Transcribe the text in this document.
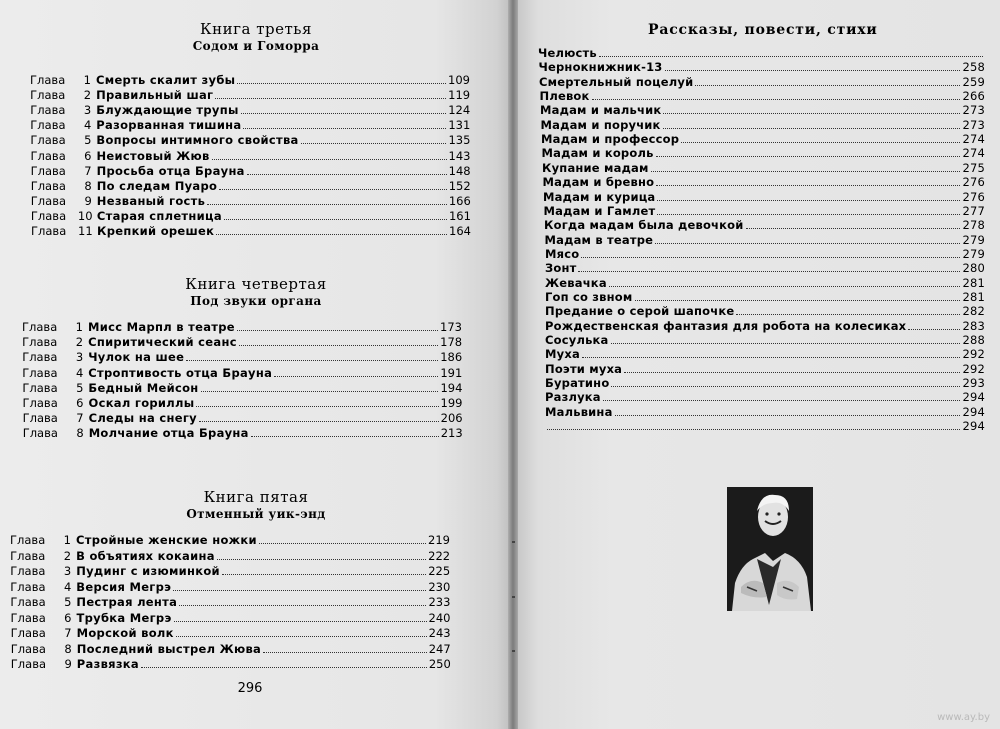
Книга третья
Содом и Гоморра
Глава	1 Смерть скалит зубы	109
Глава	2 Правильный шаг	119
Глава	3 Блуждающие трупы	124
Глава	4 Разорванная тишина	131
Глава	5 Вопросы интимного свойства	135
Глава	6 Неистовый Жюв	143
Глава	7 Просьба отца Брауна	148
Глава	8 По следам Пуаро	152
Глава	9 Незваный гость	166
Глава	10 Старая сплетница	161
Глава	11 Крепкий орешек	164
Книга четвертая
Под звуки органа
Глава	1 Мисс Марпл в театре	173
Глава	2 Спиритический сеанс	178
Глава	3 Чулок на шее	186
Глава	4 Строптивость отца Брауна	191
Глава	5 Бедный Мейсон	194
Глава	6 Оскал гориллы	199
Глава	7 Следы на снегу	206
Глава	8 Молчание отца Брауна	213
Книга пятая
Отменный уик-энд
Глава	1 Стройные женские ножки	219
Глава	2 В объятиях кокаина	222
Глава	3 Пудинг с изюминкой	225
Глава	4 Версия Мегрэ	230
Глава	5 Пестрая лента	233
Глава	6 Трубка Мегрэ	240
Глава	7 Морской волк	243
Глава	8 Последний выстрел Жюва	247
Глава	9 Развязка	250
296
Рассказы, повести, стихи
Челюсть
Чернокнижник-13	258
Смертельный поцелуй	259
Плевок	266
Мадам и мальчик	273
Мадам и поручик	273
Мадам и профессор	274
Мадам и король	274
Купание мадам	275
Мадам и бревно	276
Мадам и курица	276
Мадам и Гамлет	277
Когда мадам была девочкой	278
Мадам в театре	279
Мясо	279
Зонт	280
Жевачка	281
Гоп со звном	281
Предание о серой шапочке	282
Рождественская фантазия для робота на колесиках	283
Сосулька	288
Муха	292
Поэти муха	292
Буратино	293
Разлука	294
Мальвина	294
294
www.ay.by
